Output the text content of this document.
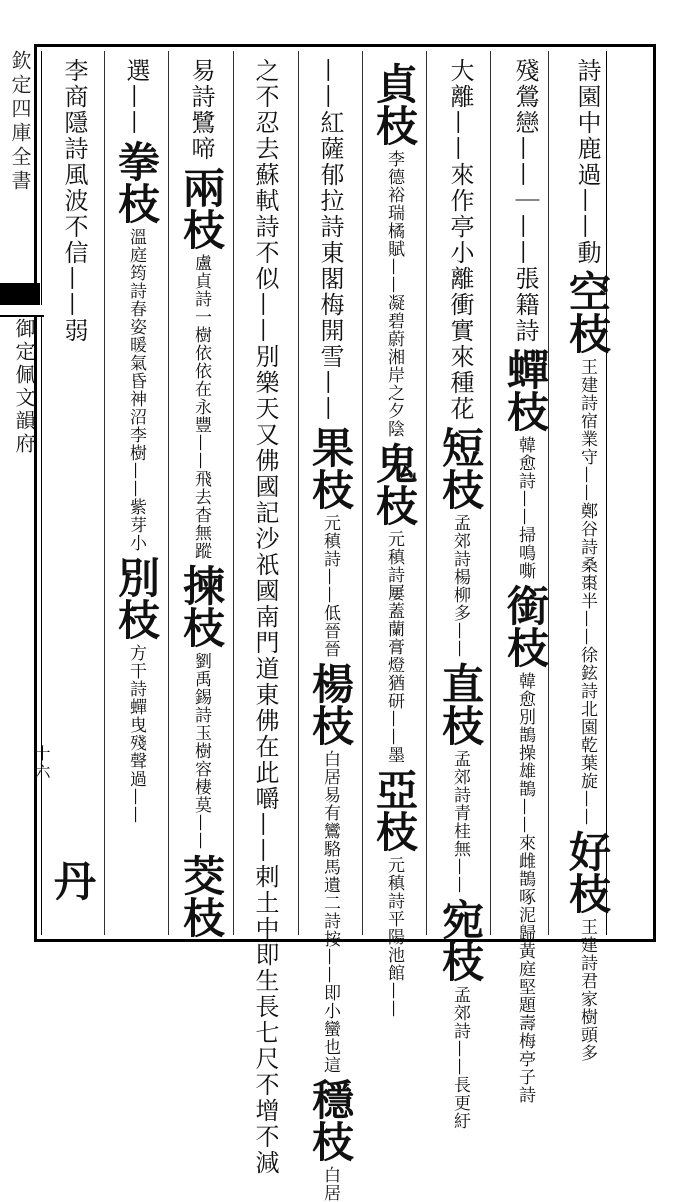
欽定四庫全書
御定佩文韻府
十六
詩園中鹿過——動空枝王建詩宿業守——鄭谷詩桑棗半——徐鉉詩北園乾葉旋——好枝王建詩君家樹頭多
殘鶯戀——｜——張籍詩蟬枝韓愈詩——掃鳴嘶銜枝韓愈別鵲操雄鵲——來雌鵲啄泥歸黃庭堅題壽梅亭子詩
大離——來作亭小離衝實來種花短枝孟郊詩楊柳多——直枝孟郊詩青桂無——宛枝孟郊詩——長更紆
貞枝李德裕瑞橘賦——凝碧蔚湘岸之夕陰鬼枝元稹詩屢蓋蘭膏燈猶研——墨亞枝元稹詩平陽池館——
——紅薩郁拉詩東閣梅開雪——果枝元稹詩——低晉晉楊枝白居易有鸞駱馬遺二詩按——即小蠻也這穩枝白居
之不忍去蘇軾詩不似——別樂天又佛國記沙祇國南門道東佛在此嚼——剌土中即生長七尺不增不減
易詩鷺啼兩枝盧貞詩一樹依依在永豐——飛去杳無蹤揀枝劉禹錫詩玉樹容棲莫——茭枝
選——拳枝溫庭筠詩春姿暖氣昏神沼李樹——紫芽小別枝方干詩蟬曳殘聲過——
李商隱詩風波不信——弱
丹
